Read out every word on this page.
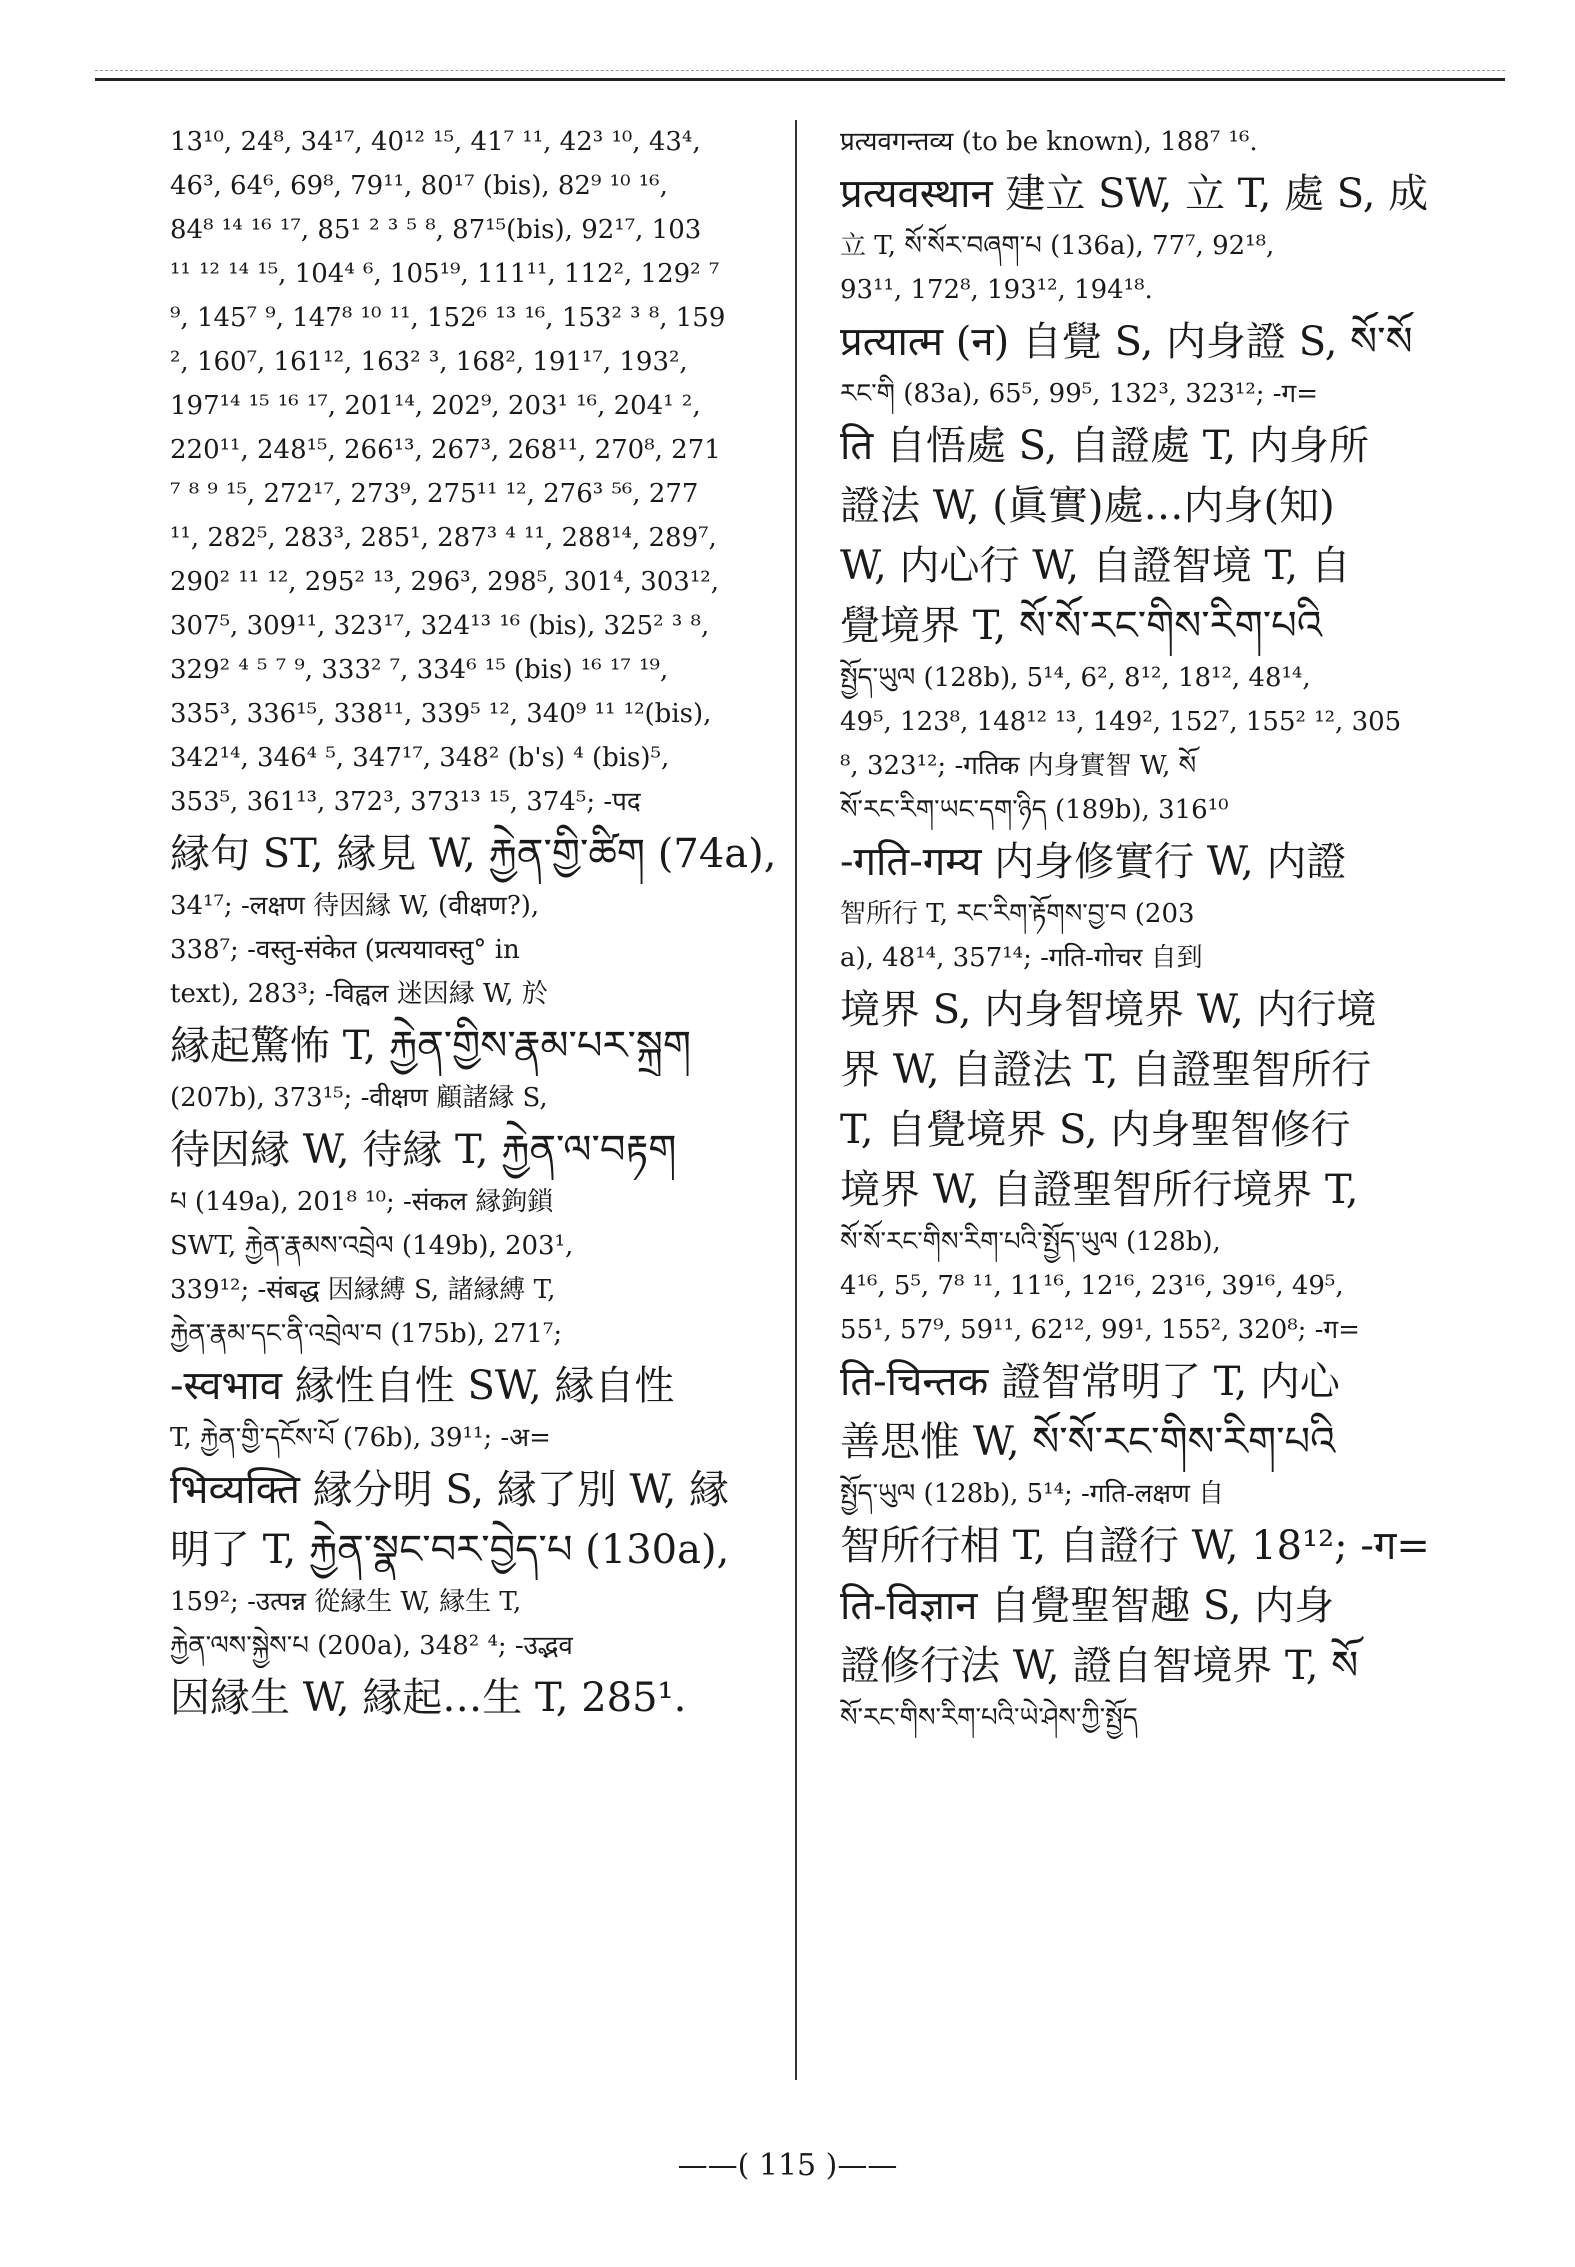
13¹⁰, 24⁸, 34¹⁷, 40¹² ¹⁵, 41⁷ ¹¹, 42³ ¹⁰, 43⁴,

46³, 64⁶, 69⁸, 79¹¹, 80¹⁷ (bis), 82⁹ ¹⁰ ¹⁶,

84⁸ ¹⁴ ¹⁶ ¹⁷, 85¹ ² ³ ⁵ ⁸, 87¹⁵(bis), 92¹⁷, 103

¹¹ ¹² ¹⁴ ¹⁵, 104⁴ ⁶, 105¹⁹, 111¹¹, 112², 129² ⁷

⁹, 145⁷ ⁹, 147⁸ ¹⁰ ¹¹, 152⁶ ¹³ ¹⁶, 153² ³ ⁸, 159

², 160⁷, 161¹², 163² ³, 168², 191¹⁷, 193²,

197¹⁴ ¹⁵ ¹⁶ ¹⁷, 201¹⁴, 202⁹, 203¹ ¹⁶, 204¹ ²,

220¹¹, 248¹⁵, 266¹³, 267³, 268¹¹, 270⁸, 271

⁷ ⁸ ⁹ ¹⁵, 272¹⁷, 273⁹, 275¹¹ ¹², 276³ ⁵⁶, 277

¹¹, 282⁵, 283³, 285¹, 287³ ⁴ ¹¹, 288¹⁴, 289⁷,

290² ¹¹ ¹², 295² ¹³, 296³, 298⁵, 301⁴, 303¹²,

307⁵, 309¹¹, 323¹⁷, 324¹³ ¹⁶ (bis), 325² ³ ⁸,

329² ⁴ ⁵ ⁷ ⁹, 333² ⁷, 334⁶ ¹⁵ (bis) ¹⁶ ¹⁷ ¹⁹,

335³, 336¹⁵, 338¹¹, 339⁵ ¹², 340⁹ ¹¹ ¹²(bis),

342¹⁴, 346⁴ ⁵, 347¹⁷, 348² (b's) ⁴ (bis)⁵,

353⁵, 361¹³, 372³, 373¹³ ¹⁵, 374⁵; -पद

縁句 ST, 縁見 W, རྐྱེན་གྱི་ཚིག (74a),

34¹⁷; -लक्षण 待因縁 W, (वीक्षण?),

338⁷; -वस्तु-संकेत (प्रत्ययावस्तु° in

text), 283³; -विह्वल 迷因縁 W, 於

縁起驚怖 T, རྐྱེན་གྱིས་རྣམ་པར་སྐྲག

(207b), 373¹⁵; -वीक्षण 顧諸縁 S,

待因縁 W, 待縁 T, རྐྱེན་ལ་བརྟག

པ (149a), 201⁸ ¹⁰; -संकल 縁鉤鎖

SWT, རྐྱེན་རྣམས་འབྲེལ (149b), 203¹,

339¹²; -संबद्ध 因縁縛 S, 諸縁縛 T,

རྐྱེན་རྣམ་དང་ནི་འབྲེལ་བ (175b), 271⁷;

-स्वभाव 縁性自性 SW, 縁自性

T, རྐྱེན་གྱི་དངོས་པོ (76b), 39¹¹; -अ=

भिव्यक्ति 縁分明 S, 縁了別 W, 縁

明了 T, རྐྱེན་སྣང་བར་བྱེད་པ (130a),

159²; -उत्पन्न 從縁生 W, 縁生 T,

རྐྱེན་ལས་སྐྱེས་པ (200a), 348² ⁴; -उद्भव

因縁生 W, 縁起…生 T, 285¹.

प्रत्यवगन्तव्य (to be known), 188⁷ ¹⁶.

प्रत्यवस्थान 建立 SW, 立 T, 處 S, 成

立 T, སོ་སོར་བཞག་པ (136a), 77⁷, 92¹⁸,

93¹¹, 172⁸, 193¹², 194¹⁸.

प्रत्यात्म (न) 自覺 S, 内身證 S, སོ་སོ

རང་གི (83a), 65⁵, 99⁵, 132³, 323¹²; -ग=

ति 自悟處 S, 自證處 T, 内身所

證法 W, (眞實)處…内身(知)

W, 内心行 W, 自證智境 T, 自

覺境界 T, སོ་སོ་རང་གིས་རིག་པའི

སྤྱོད་ཡུལ (128b), 5¹⁴, 6², 8¹², 18¹², 48¹⁴,

49⁵, 123⁸, 148¹² ¹³, 149², 152⁷, 155² ¹², 305

⁸, 323¹²; -गतिक 内身實智 W, སོ

སོ་རང་རིག་ཡང་དག་ཉིད (189b), 316¹⁰

-गति-गम्य 内身修實行 W, 内證

智所行 T, རང་རིག་རྟོགས་བྱ་བ (203

a), 48¹⁴, 357¹⁴; -गति-गोचर 自到

境界 S, 内身智境界 W, 内行境

界 W, 自證法 T, 自證聖智所行

T, 自覺境界 S, 内身聖智修行

境界 W, 自證聖智所行境界 T,

སོ་སོ་རང་གིས་རིག་པའི་སྤྱོད་ཡུལ (128b),

4¹⁶, 5⁵, 7⁸ ¹¹, 11¹⁶, 12¹⁶, 23¹⁶, 39¹⁶, 49⁵,

55¹, 57⁹, 59¹¹, 62¹², 99¹, 155², 320⁸; -ग=

ति-चिन्तक 證智常明了 T, 内心

善思惟 W, སོ་སོ་རང་གིས་རིག་པའི

སྤྱོད་ཡུལ (128b), 5¹⁴; -गति-लक्षण 自

智所行相 T, 自證行 W, 18¹²; -ग=

ति-विज्ञान 自覺聖智趣 S, 内身

證修行法 W, 證自智境界 T, སོ

སོ་རང་གིས་རིག་པའི་ཡེ་ཤེས་ཀྱི་སྤྱོད

——( 115 )——
